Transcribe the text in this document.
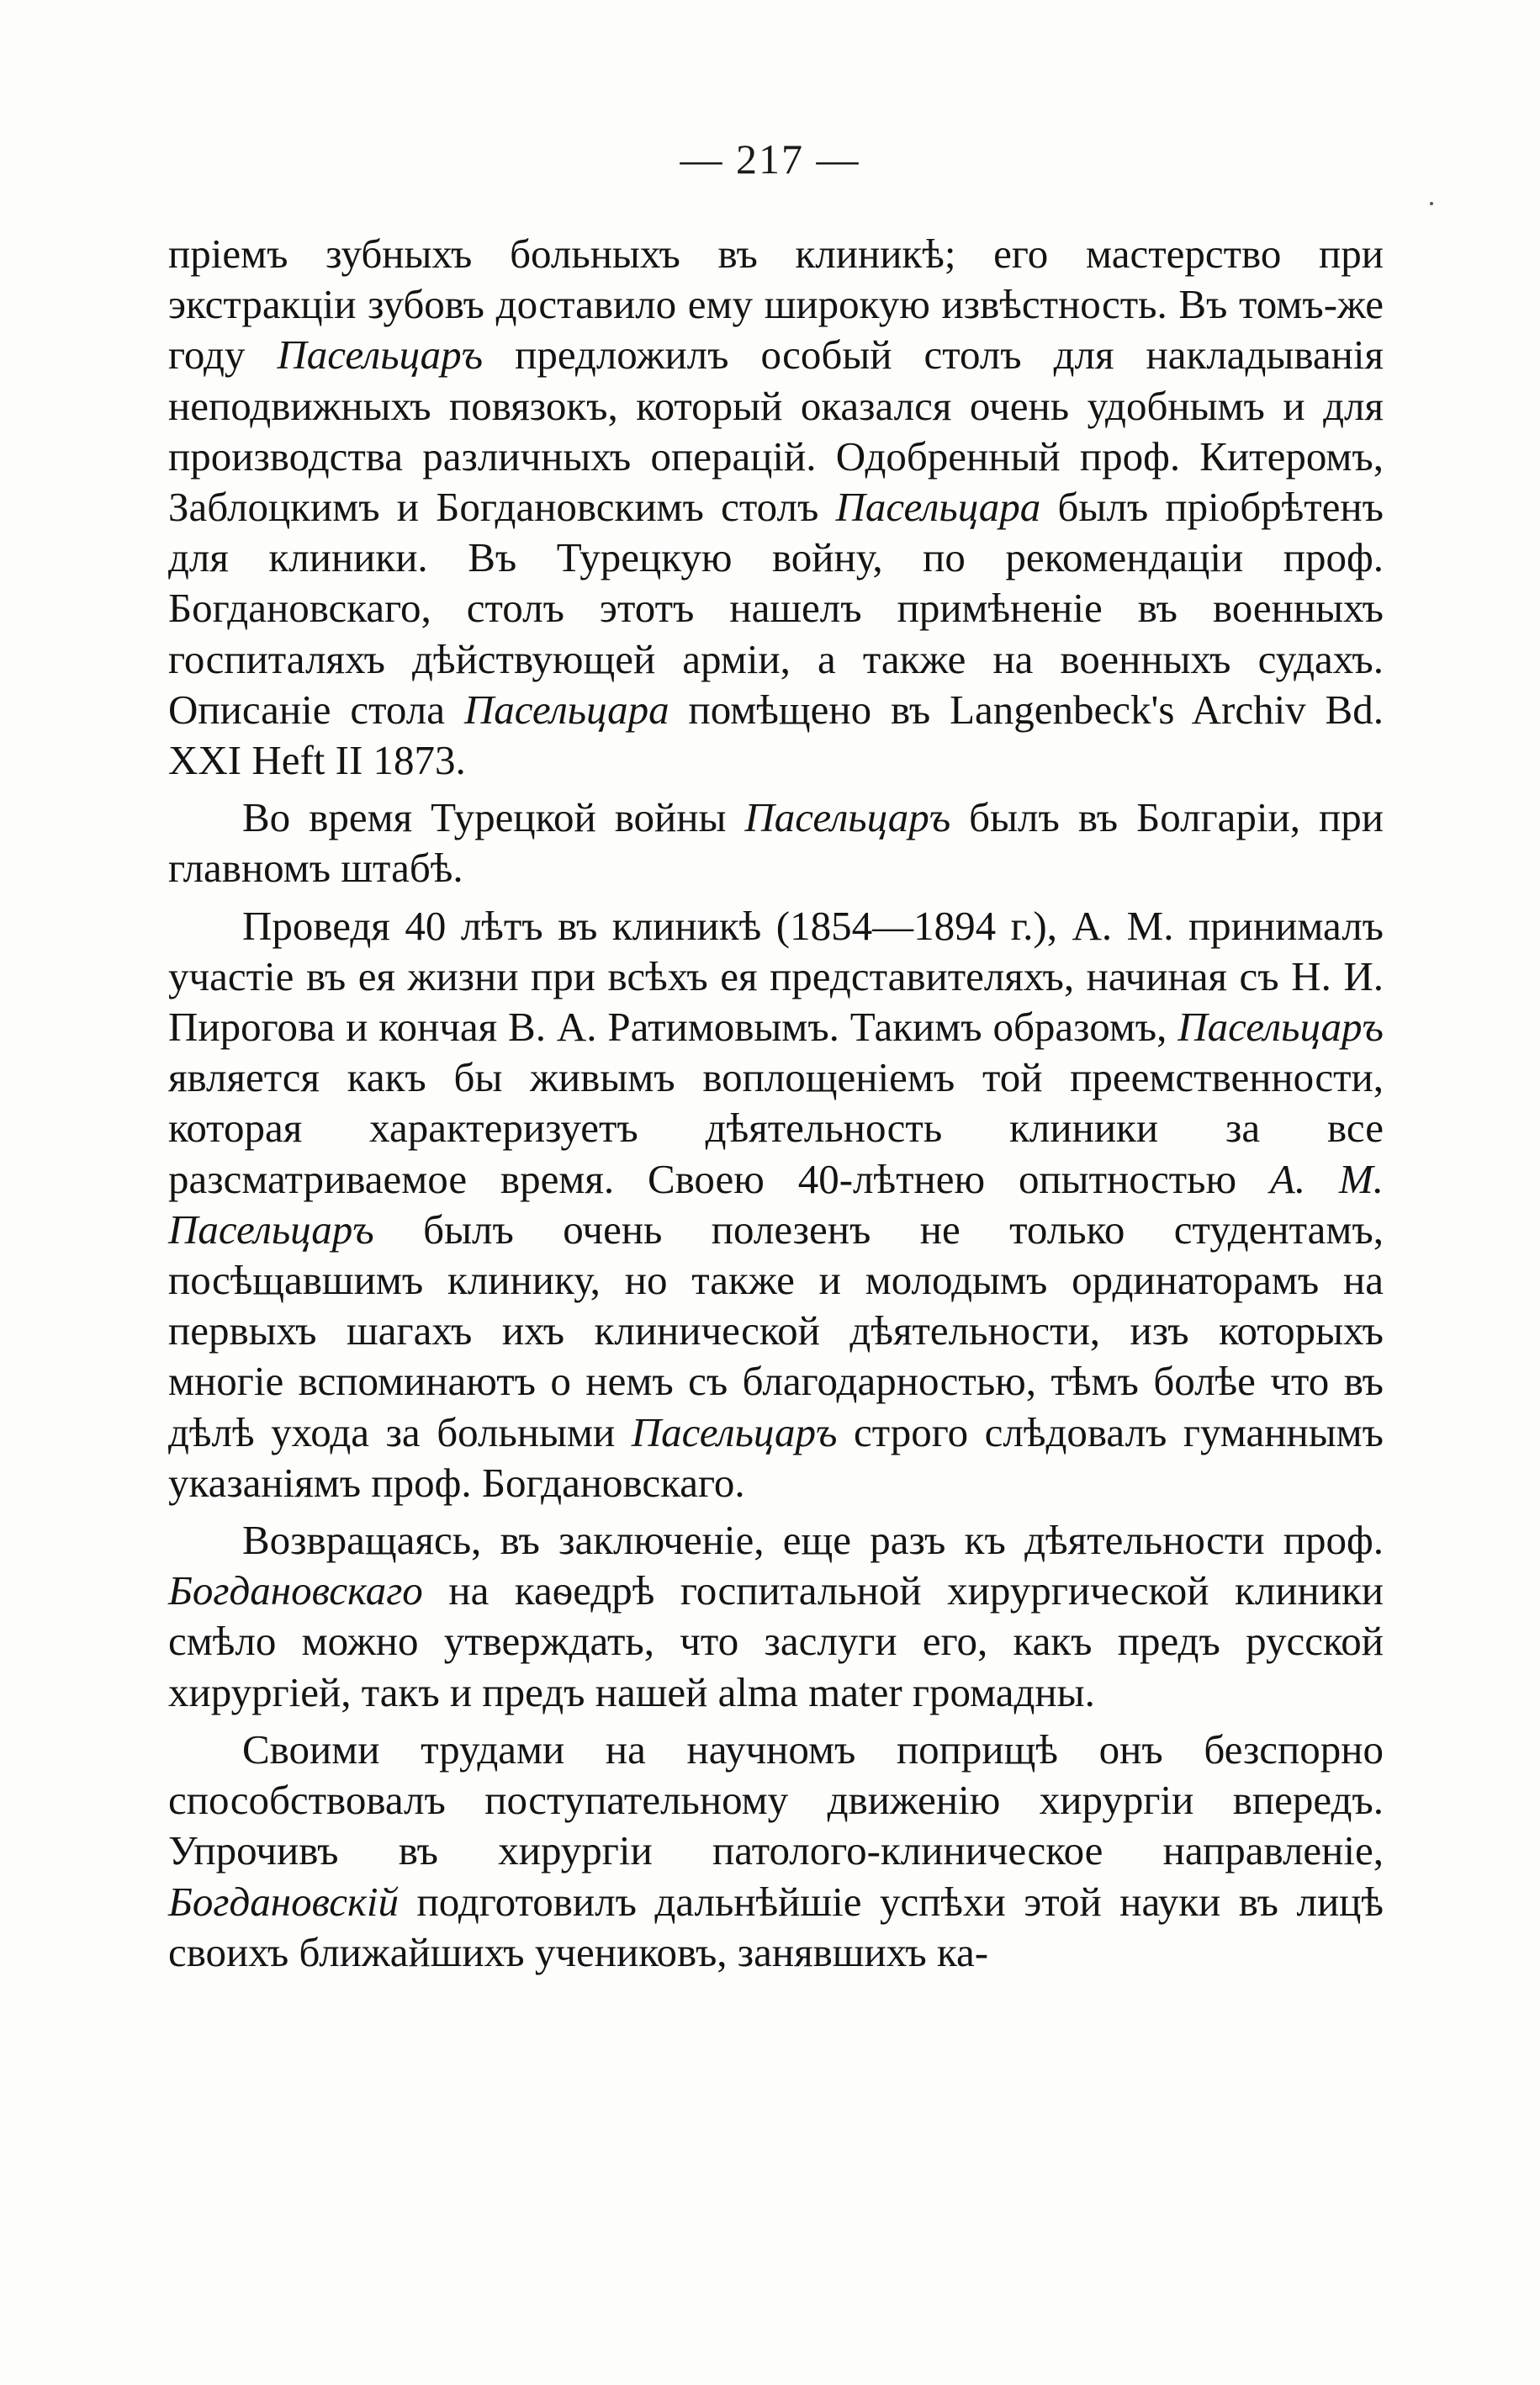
— 217 —

пріемъ зубныхъ больныхъ въ клиникѣ; его мастерство при экстракціи зубовъ доставило ему широкую извѣстность. Въ томъ-же году Пасельцаръ предложилъ особый столъ для накладыванія неподвижныхъ повязокъ, который оказался очень удобнымъ и для производства различныхъ операцій. Одобренный проф. Китеромъ, Заблоцкимъ и Богдановскимъ столъ Пасельцара былъ пріобрѣтенъ для клиники. Въ Турецкую войну, по рекомендаціи проф. Богдановскаго, столъ этотъ нашелъ примѣненіе въ военныхъ госпиталяхъ дѣйствующей арміи, а также на военныхъ судахъ. Описаніе стола Пасельцара помѣщено въ Langenbeck's Archiv Bd. XXI Heft II 1873.

Во время Турецкой войны Пасельцаръ былъ въ Болгаріи, при главномъ штабѣ.

Проведя 40 лѣтъ въ клиникѣ (1854—1894 г.), А. М. принималъ участіе въ ея жизни при всѣхъ ея представителяхъ, начиная съ Н. И. Пирогова и кончая В. А. Ратимовымъ. Такимъ образомъ, Пасельцаръ является какъ бы живымъ воплощеніемъ той преемственности, которая характеризуетъ дѣятельность клиники за все разсматриваемое время. Своею 40-лѣтнею опытностью А. М. Пасельцаръ былъ очень полезенъ не только студентамъ, посѣщавшимъ клинику, но также и молодымъ ординаторамъ на первыхъ шагахъ ихъ клинической дѣятельности, изъ которыхъ многіе вспоминаютъ о немъ съ благодарностью, тѣмъ болѣе что въ дѣлѣ ухода за больными Пасельцаръ строго слѣдовалъ гуманнымъ указаніямъ проф. Богдановскаго.

Возвращаясь, въ заключеніе, еще разъ къ дѣятельности проф. Богдановскаго на каѳедрѣ госпитальной хирургической клиники смѣло можно утверждать, что заслуги его, какъ предъ русской хирургіей, такъ и предъ нашей alma mater громадны.

Своими трудами на научномъ поприщѣ онъ безспорно способствовалъ поступательному движенію хирургіи впередъ. Упрочивъ въ хирургіи патолого-клиническое направленіе, Богдановскій подготовилъ дальнѣйшіе успѣхи этой науки въ лицѣ своихъ ближайшихъ учениковъ, занявшихъ ка-
